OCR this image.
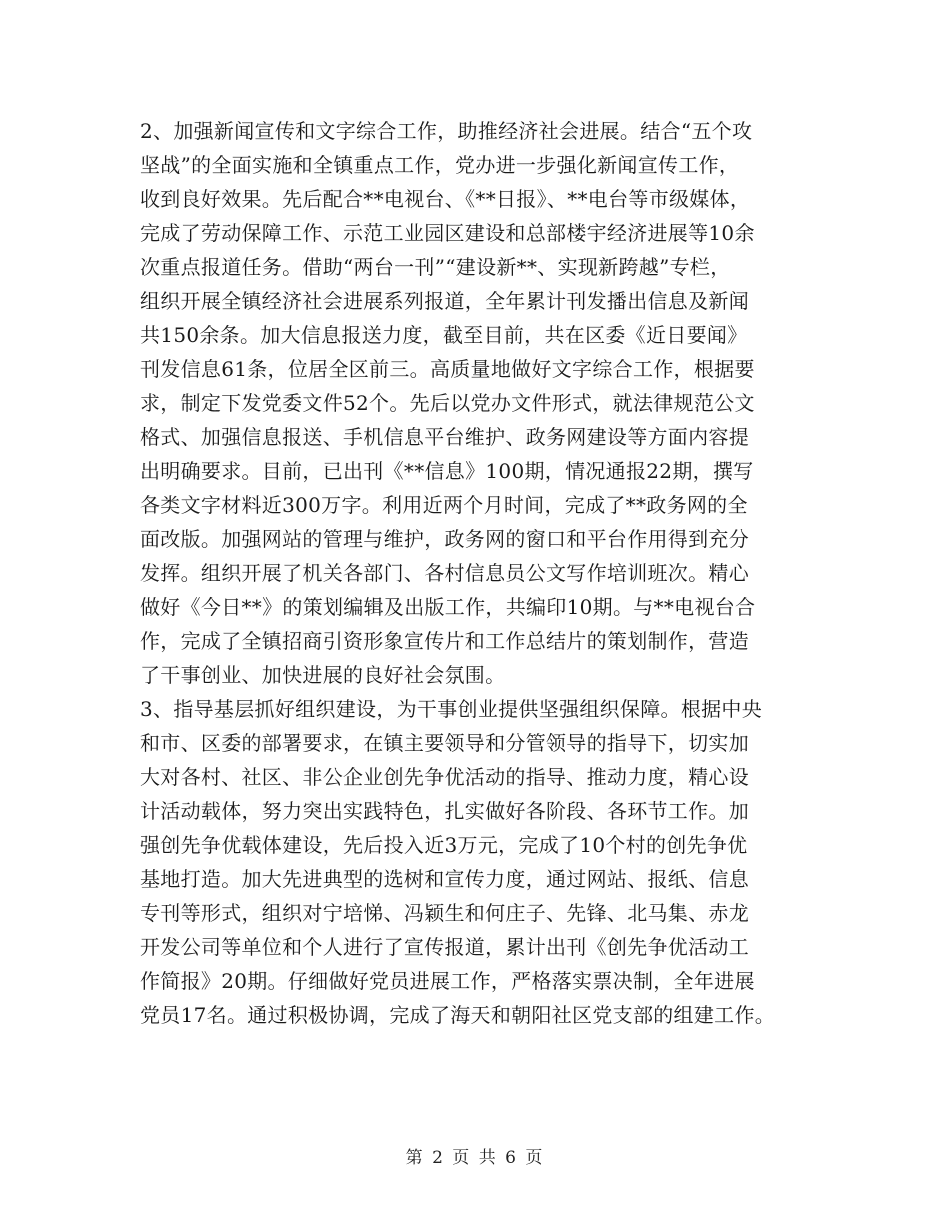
2、加强新闻宣传和文字综合工作，助推经济社会进展。结合“五个攻
坚战”的全面实施和全镇重点工作，党办进一步强化新闻宣传工作，
收到良好效果。先后配合**电视台、《**日报》、**电台等市级媒体，
完成了劳动保障工作、示范工业园区建设和总部楼宇经济进展等10余
次重点报道任务。借助“两台一刊”“建设新**、实现新跨越”专栏，
组织开展全镇经济社会进展系列报道，全年累计刊发播出信息及新闻
共150余条。加大信息报送力度，截至目前，共在区委《近日要闻》
刊发信息61条，位居全区前三。高质量地做好文字综合工作，根据要
求，制定下发党委文件52个。先后以党办文件形式，就法律规范公文
格式、加强信息报送、手机信息平台维护、政务网建设等方面内容提
出明确要求。目前，已出刊《**信息》100期，情况通报22期，撰写
各类文字材料近300万字。利用近两个月时间，完成了**政务网的全
面改版。加强网站的管理与维护，政务网的窗口和平台作用得到充分
发挥。组织开展了机关各部门、各村信息员公文写作培训班次。精心
做好《今日**》的策划编辑及出版工作，共编印10期。与**电视台合
作，完成了全镇招商引资形象宣传片和工作总结片的策划制作，营造
了干事创业、加快进展的良好社会氛围。
3、指导基层抓好组织建设，为干事创业提供坚强组织保障。根据中央
和市、区委的部署要求，在镇主要领导和分管领导的指导下，切实加
大对各村、社区、非公企业创先争优活动的指导、推动力度，精心设
计活动载体，努力突出实践特色，扎实做好各阶段、各环节工作。加
强创先争优载体建设，先后投入近3万元，完成了10个村的创先争优
基地打造。加大先进典型的选树和宣传力度，通过网站、报纸、信息
专刊等形式，组织对宁培悌、冯颖生和何庄子、先锋、北马集、赤龙
开发公司等单位和个人进行了宣传报道，累计出刊《创先争优活动工
作简报》20期。仔细做好党员进展工作，严格落实票决制，全年进展
党员17名。通过积极协调，完成了海天和朝阳社区党支部的组建工作。
第 2 页 共 6 页
